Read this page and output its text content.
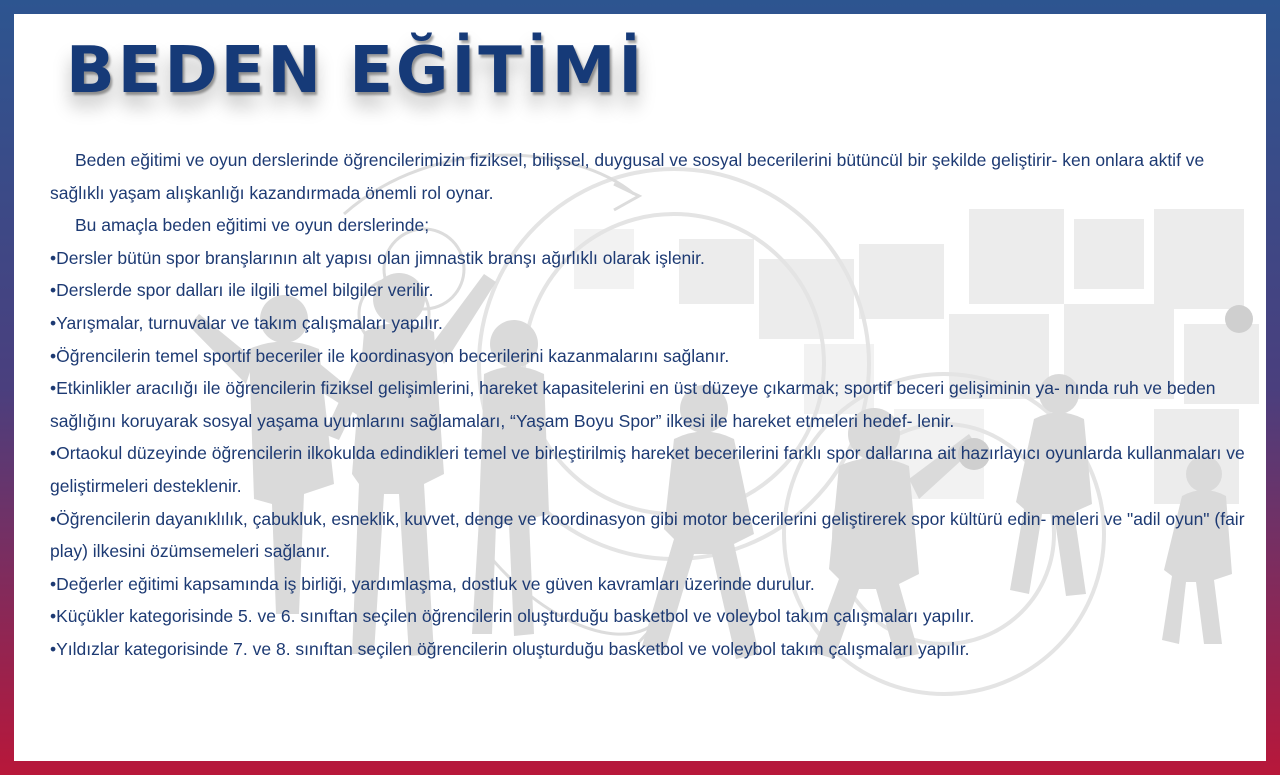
BEDEN EĞİTİMİ

Beden eğitimi ve oyun derslerinde öğrencilerimizin fiziksel, bilişsel, duygusal ve sosyal becerilerini bütüncül bir şekilde geliştirir- ken onlara aktif ve sağlıklı yaşam alışkanlığı kazandırmada önemli rol oynar.

Bu amaçla beden eğitimi ve oyun derslerinde;

•Dersler bütün spor branşlarının alt yapısı olan jimnastik branşı ağırlıklı olarak işlenir.
•Derslerde spor dalları ile ilgili temel bilgiler verilir.
•Yarışmalar, turnuvalar ve takım çalışmaları yapılır.
•Öğrencilerin temel sportif beceriler ile koordinasyon becerilerini kazanmalarını sağlanır.
•Etkinlikler aracılığı ile öğrencilerin fiziksel gelişimlerini, hareket kapasitelerini en üst düzeye çıkarmak; sportif beceri gelişiminin ya- nında ruh ve beden sağlığını koruyarak sosyal yaşama uyumlarını sağlamaları, “Yaşam Boyu Spor” ilkesi ile hareket etmeleri hedef- lenir.
•Ortaokul düzeyinde öğrencilerin ilkokulda edindikleri temel ve birleştirilmiş hareket becerilerini farklı spor dallarına ait hazırlayıcı oyunlarda kullanmaları ve geliştirmeleri desteklenir.
•Öğrencilerin dayanıklılık, çabukluk, esneklik, kuvvet, denge ve koordinasyon gibi motor becerilerini geliştirerek spor kültürü edin- meleri ve "adil oyun" (fair play) ilkesini özümsemeleri sağlanır.
•Değerler eğitimi kapsamında iş birliği, yardımlaşma, dostluk ve güven kavramları üzerinde durulur.
•Küçükler kategorisinde 5. ve 6. sınıftan seçilen öğrencilerin oluşturduğu basketbol ve voleybol takım çalışmaları yapılır.
•Yıldızlar kategorisinde 7. ve 8. sınıftan seçilen öğrencilerin oluşturduğu basketbol ve voleybol takım çalışmaları yapılır.
